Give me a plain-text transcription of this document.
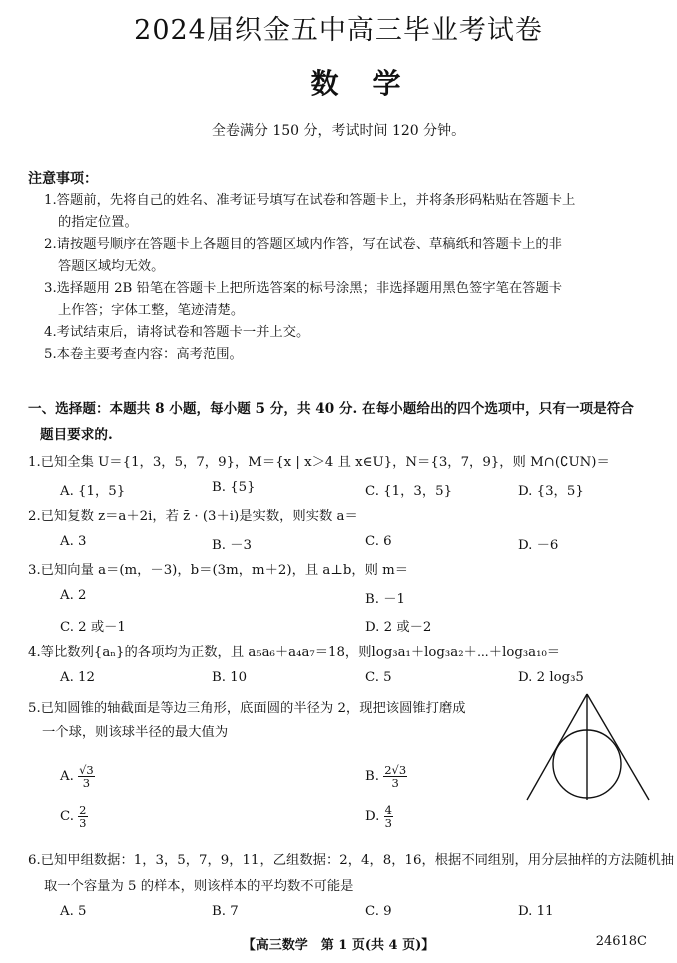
2024届织金五中高三毕业考试卷
数学
全卷满分 150 分，考试时间 120 分钟。
注意事项：
1.答题前，先将自己的姓名、准考证号填写在试卷和答题卡上，并将条形码粘贴在答题卡上
的指定位置。
2.请按题号顺序在答题卡上各题目的答题区域内作答，写在试卷、草稿纸和答题卡上的非
答题区域均无效。
3.选择题用 2B 铅笔在答题卡上把所选答案的标号涂黑；非选择题用黑色签字笔在答题卡
上作答；字体工整，笔迹清楚。
4.考试结束后，请将试卷和答题卡一并上交。
5.本卷主要考查内容：高考范围。
一、选择题：本题共 8 小题，每小题 5 分，共 40 分. 在每小题给出的四个选项中，只有一项是符合
题目要求的.
1.已知全集 U＝{1，3，5，7，9}，M＝{x | x＞4 且 x∈U}，N＝{3，7，9}，则 M∩(∁UN)＝
A. {1，5}	B. {5}	C. {1，3，5}	D. {3，5}
2.已知复数 z＝a＋2i，若 z̄ · (3＋i)是实数，则实数 a＝
A. 3	B. －3	C. 6	D. －6
3.已知向量 a＝(m，－3)，b＝(3m，m＋2)，且 a⊥b，则 m＝
A. 2	B. －1
C. 2 或－1	D. 2 或－2
4.等比数列{aₙ}的各项均为正数，且 a₅a₆＋a₄a₇＝18，则log₃a₁＋log₃a₂＋⋯＋log₃a₁₀＝
A. 12	B. 10	C. 5	D. 2 log₃5
5.已知圆锥的轴截面是等边三角形，底面圆的半径为 2，现把该圆锥打磨成
一个球，则该球半径的最大值为
A. $\frac{√3}{3}$	B. $\frac{2√3}{3}$
C. $\frac{2}{3}$	D. $\frac{4}{3}$
6.已知甲组数据：1，3，5，7，9，11，乙组数据：2，4，8，16，根据不同组别，用分层抽样的方法随机抽
取一个容量为 5 的样本，则该样本的平均数不可能是
A. 5	B. 7	C. 9	D. 11
【高三数学　第 1 页(共 4 页)】	24618C
